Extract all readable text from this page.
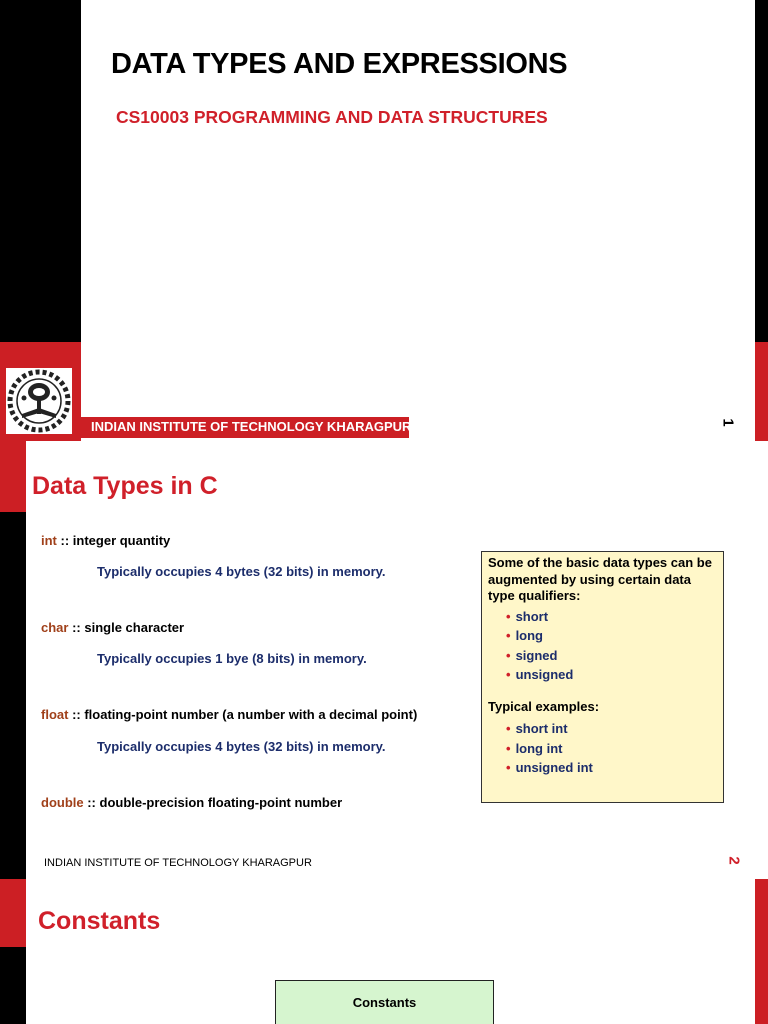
DATA TYPES AND EXPRESSIONS
CS10003 PROGRAMMING AND DATA STRUCTURES
INDIAN INSTITUTE OF TECHNOLOGY KHARAGPUR	1
Data Types in C
int :: integer quantity
Typically occupies 4 bytes (32 bits) in memory.
char :: single character
Typically occupies 1 bye (8 bits) in memory.
float :: floating-point number (a number with a decimal point)
Typically occupies 4 bytes (32 bits) in memory.
double :: double-precision floating-point number
Some of the basic data types can be augmented by using certain data type qualifiers:
• short
• long
• signed
• unsigned
Typical examples:
• short int
• long int
• unsigned int
INDIAN INSTITUTE OF TECHNOLOGY KHARAGPUR	2
Constants
Constants
